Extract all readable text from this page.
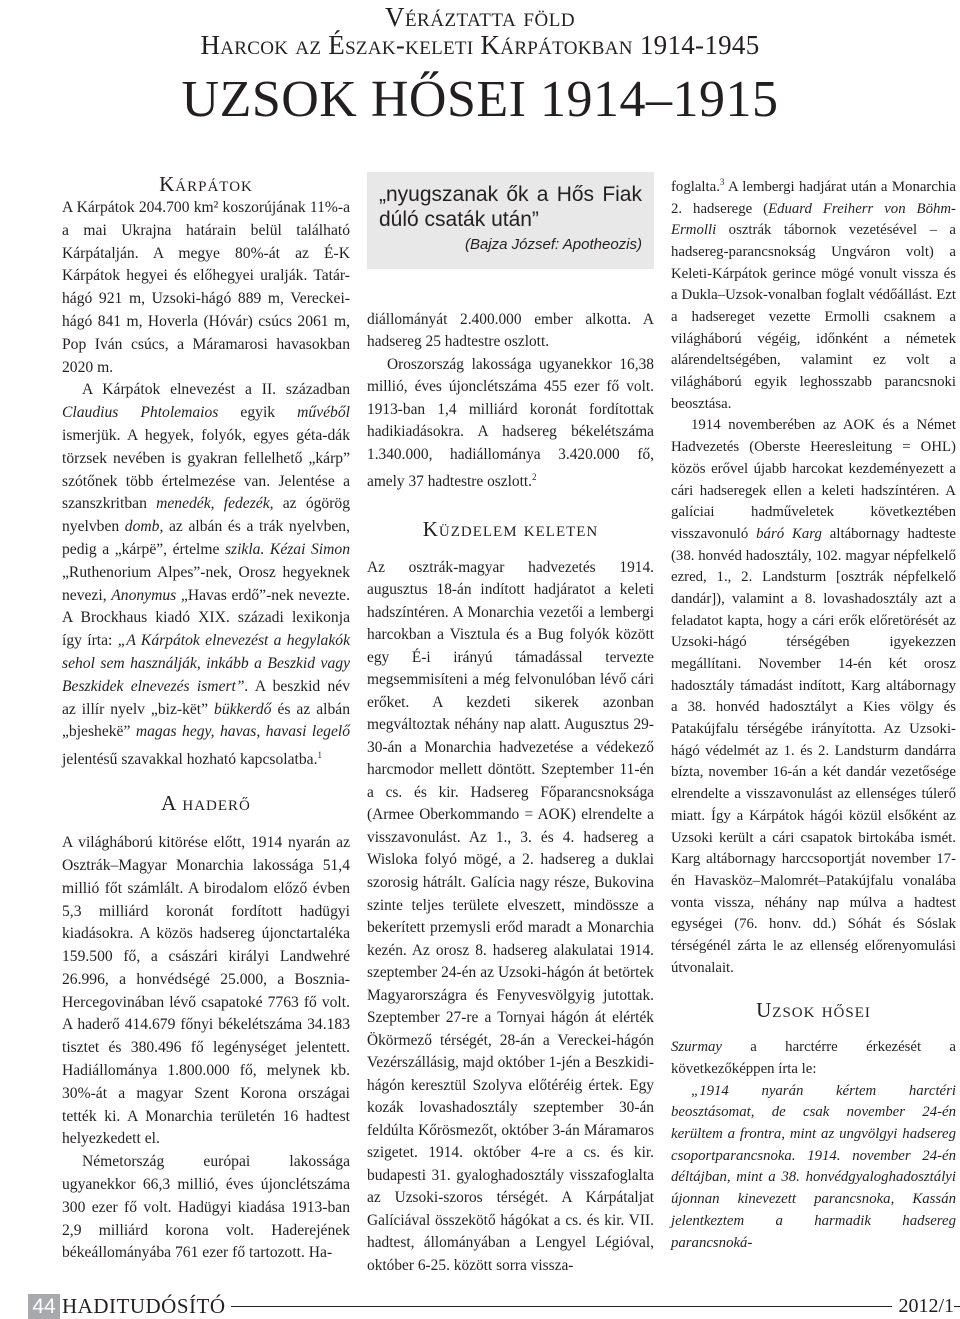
Véráztatta föld
Harcok az Észak-keleti Kárpátokban 1914-1945
UZSOK HŐSEI 1914–1915
Kárpátok

A Kárpátok 204.700 km² koszorújának 11%-a a mai Ukrajna határain belül található Kárpátalján. A megye 80%-át az É-K Kárpátok hegyei és előhegyei uralják. Tatár-hágó 921 m, Uzsoki-hágó 889 m, Vereckei-hágó 841 m, Hoverla (Hóvár) csúcs 2061 m, Pop Iván csúcs, a Máramarosi havasokban 2020 m.

A Kárpátok elnevezést a II. században Claudius Phtolemaios egyik művéből ismerjük. A hegyek, folyók, egyes géta-dák törzsek nevében is gyakran fellelhető „kárp” szótőnek több értelmezése van. Jelentése a szanszkritban menedék, fedezék, az ógörög nyelvben domb, az albán és a trák nyelvben, pedig a „kárpë”, értelme szikla. Kézai Simon „Ruthenorium Alpes”-nek, Orosz hegyeknek nevezi, Anonymus „Havas erdő”-nek nevezte. A Brockhaus kiadó XIX. századi lexikonja így írta: „A Kárpátok elnevezést a hegylakók sehol sem használják, inkább a Beszkid vagy Beszkidek elnevezés ismert”. A beszkid név az illír nyelv „biz-kët” bükkerdő és az albán „bjeshekë” magas hegy, havas, havasi legelő jelentésű szavakkal hozható kapcsolatba.$^1$

A haderő

A világháború kitörése előtt, 1914 nyarán az Osztrák–Magyar Monarchia lakossága 51,4 millió főt számlált. A birodalom előző évben 5,3 milliárd koronát fordított hadügyi kiadásokra. A közös hadsereg újonctartaléka 159.500 fő, a császári királyi Landwehré 26.996, a honvédségé 25.000, a Bosznia-Hercegovinában lévő csapatoké 7763 fő volt. A haderő 414.679 főnyi békelétszáma 34.183 tisztet és 380.496 fő legénységet jelentett. Hadiállománya 1.800.000 fő, melynek kb. 30%-át a magyar Szent Korona országai tették ki. A Monarchia területén 16 hadtest helyezkedett el.

Németország európai lakossága ugyanekkor 66,3 millió, éves újonclétszáma 300 ezer fő volt. Hadügyi kiadása 1913-ban 2,9 milliárd korona volt. Haderejének békeállományába 761 ezer fő tartozott. Ha-

„nyugszanak ők a Hős Fiak dúló csaták után”
(Bajza József: Apotheozis)

diállományát 2.400.000 ember alkotta. A hadsereg 25 hadtestre oszlott.

Oroszország lakossága ugyanekkor 16,38 millió, éves újonclétszáma 455 ezer fő volt. 1913-ban 1,4 milliárd koronát fordítottak hadikiadásokra. A hadsereg békelétszáma 1.340.000, hadiállománya 3.420.000 fő, amely 37 hadtestre oszlott.$^2$

Küzdelem keleten

Az osztrák-magyar hadvezetés 1914. augusztus 18-án indított hadjáratot a keleti hadszíntéren. A Monarchia vezetői a lembergi harcokban a Visztula és a Bug folyók között egy É-i irányú támadással tervezte megsemmisíteni a még felvonulóban lévő cári erőket. A kezdeti sikerek azonban megváltoztak néhány nap alatt. Augusztus 29-30-án a Monarchia hadvezetése a védekező harcmodor mellett döntött. Szeptember 11-én a cs. és kir. Hadsereg Főparancsnoksága (Armee Oberkommando = AOK) elrendelte a visszavonulást. Az 1., 3. és 4. hadsereg a Wisloka folyó mögé, a 2. hadsereg a duklai szorosig hátrált. Galícia nagy része, Bukovina szinte teljes területe elveszett, mindössze a bekerített przemysli erőd maradt a Monarchia kezén. Az orosz 8. hadsereg alakulatai 1914. szeptember 24-én az Uzsoki-hágón át betörtek Magyarországra és Fenyvesvölgyig jutottak. Szeptember 27-re a Tornyai hágón át elérték Ökörmező térségét, 28-án a Vereckei-hágón Vezérszállásig, majd október 1-jén a Beszkidi-hágón keresztül Szolyva előtéréig értek. Egy kozák lovashadosztály szeptember 30-án feldúlta Kőrösmezőt, október 3-án Máramaros szigetet. 1914. október 4-re a cs. és kir. budapesti 31. gyaloghadosztály visszafoglalta az Uzsoki-szoros térségét. A Kárpátaljat Galíciával összekötő hágókat a cs. és kir. VII. hadtest, állományában a Lengyel Légióval, október 6-25. között sorra vissza-

foglalta.$^3$ A lembergi hadjárat után a Monarchia 2. hadserege (Eduard Freiherr von Böhm-Ermolli osztrák tábornok vezetésével – a hadsereg-parancsnokság Ungváron volt) a Keleti-Kárpátok gerince mögé vonult vissza és a Dukla–Uzsok-vonalban foglalt védőállást. Ezt a hadsereget vezette Ermolli csaknem a világháború végéig, időnként a németek alárendeltségében, valamint ez volt a világháború egyik leghosszabb parancsnoki beosztása.

1914 novemberében az AOK és a Német Hadvezetés (Oberste Heeresleitung = OHL) közös erővel újabb harcokat kezdeményezett a cári hadseregek ellen a keleti hadszíntéren. A galíciai hadműveletek következtében visszavonuló báró Karg altábornagy hadteste (38. honvéd hadosztály, 102. magyar népfelkelő ezred, 1., 2. Landsturm [osztrák népfelkelő dandár]), valamint a 8. lovashadosztály azt a feladatot kapta, hogy a cári erők előretörését az Uzsoki-hágó térségében igyekezzen megállítani. November 14-én két orosz hadosztály támadást indított, Karg altábornagy a 38. honvéd hadosztályt a Kies völgy és Patakújfalu térségébe irányította. Az Uzsoki-hágó védelmét az 1. és 2. Landsturm dandárra bízta, november 16-án a két dandár vezetősége elrendelte a visszavonulást az ellenséges túlerő miatt. Így a Kárpátok hágói közül elsőként az Uzsoki került a cári csapatok birtokába ismét. Karg altábornagy harccsoportját november 17-én Havasköz–Malomrét–Patakújfalu vonalába vonta vissza, néhány nap múlva a hadtest egységei (76. honv. dd.) Sóhát és Sóslak térségénél zárta le az ellenség előrenyomulási útvonalait.

Uzsok hősei

Szurmay a harctérre érkezését a következőképpen írta le:

„1914 nyarán kértem harctéri beosztásomat, de csak november 24-én kerültem a frontra, mint az ungvölgyi hadsereg csoportparancsnoka. 1914. november 24-én déltájban, mint a 38. honvédgyaloghadosztályi újonnan kinevezett parancsnoka, Kassán jelentkeztem a harmadik hadsereg parancsnoká-

44 HADITUDÓSÍTÓ	2012/1
